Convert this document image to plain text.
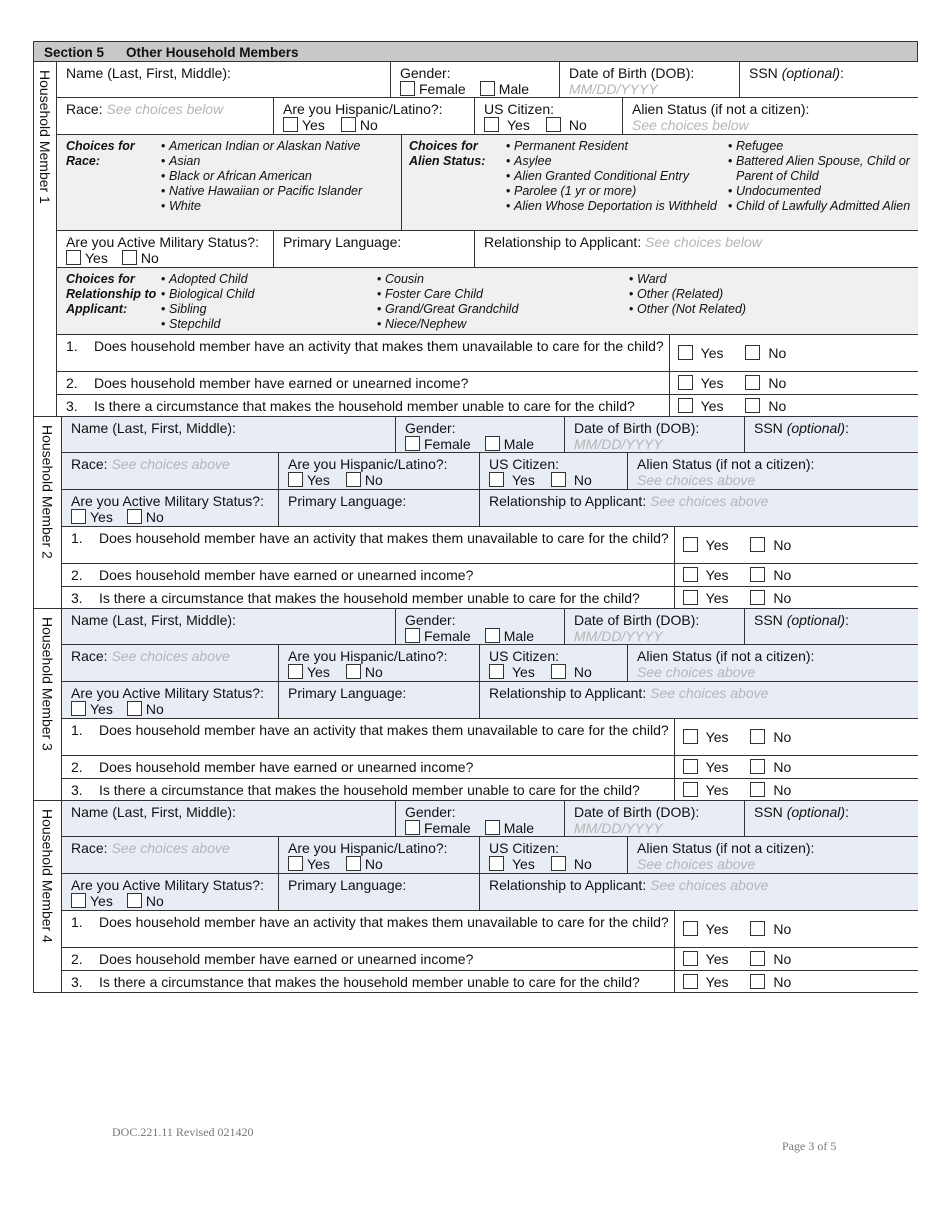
Section 5 Other Household Members
Household Member 1 Name (Last, First, Middle):	Gender:
Female Male
Date of Birth (DOB):
MM/DD/YYYY
SSN (optional):
Race: See choices below	Are you Hispanic/Latino?:
Yes	No
US Citizen:
Yes	No
Alien Status (if not a citizen):
See choices below
Choices for Race:
• American Indian or Alaskan Native
• Asian
• Black or African American
• Native Hawaiian or Pacific Islander
• White
Choices for Alien Status:
• Permanent Resident
• Asylee
• Alien Granted Conditional Entry
• Parolee (1 yr or more)
• Alien Whose Deportation is Withheld
• Refugee
• Battered Alien Spouse, Child or Parent of Child
• Undocumented
• Child of Lawfully Admitted Alien
Are you Active Military Status?:
Yes No
Primary Language:	Relationship to Applicant: See choices below
Choices for Relationship to Applicant:
• Adopted Child
• Biological Child
• Sibling
• Stepchild
• Cousin
• Foster Care Child
• Grand/Great Grandchild
• Niece/Nephew
• Ward
• Other (Related)
• Other (Not Related)
1.	Does household member have an activity that makes them unavailable to care for the child?	Yes	No
2.	Does household member have earned or unearned income?	Yes	No
3.	Is there a circumstance that makes the household member unable to care for the child?	Yes	No
Household Member 2	Name (Last, First, Middle):	Gender:
Female Male
Date of Birth (DOB):
MM/DD/YYYY
SSN (optional):
Race: See choices above	Are you Hispanic/Latino?:
Yes	No
US Citizen:
Yes	No
Alien Status (if not a citizen):
See choices above
Are you Active Military Status?:
Yes No
Primary Language:	Relationship to Applicant: See choices above
1.	Does household member have an activity that makes them unavailable to care for the child?	Yes	No
2.	Does household member have earned or unearned income?	Yes	No
3.	Is there a circumstance that makes the household member unable to care for the child?	Yes	No
Household Member 3	Name (Last, First, Middle):	Gender:
Female Male
Date of Birth (DOB):
MM/DD/YYYY
SSN (optional):
Race: See choices above	Are you Hispanic/Latino?:
Yes	No
US Citizen:
Yes	No
Alien Status (if not a citizen):
See choices above
Are you Active Military Status?:
Yes No
Primary Language:	Relationship to Applicant: See choices above
1.	Does household member have an activity that makes them unavailable to care for the child?	Yes	No
2.	Does household member have earned or unearned income?	Yes	No
3.	Is there a circumstance that makes the household member unable to care for the child?	Yes	No
Household Member 4	Name (Last, First, Middle):	Gender:
Female Male
Date of Birth (DOB):
MM/DD/YYYY
SSN (optional):
Race: See choices above	Are you Hispanic/Latino?:
Yes	No
US Citizen:
Yes	No
Alien Status (if not a citizen):
See choices above
Are you Active Military Status?:
Yes No
Primary Language:	Relationship to Applicant: See choices above
1.	Does household member have an activity that makes them unavailable to care for the child?	Yes	No
2.	Does household member have earned or unearned income?	Yes	No
3.	Is there a circumstance that makes the household member unable to care for the child?	Yes	No
DOC.221.11 Revised 021420
Page 3 of 5
